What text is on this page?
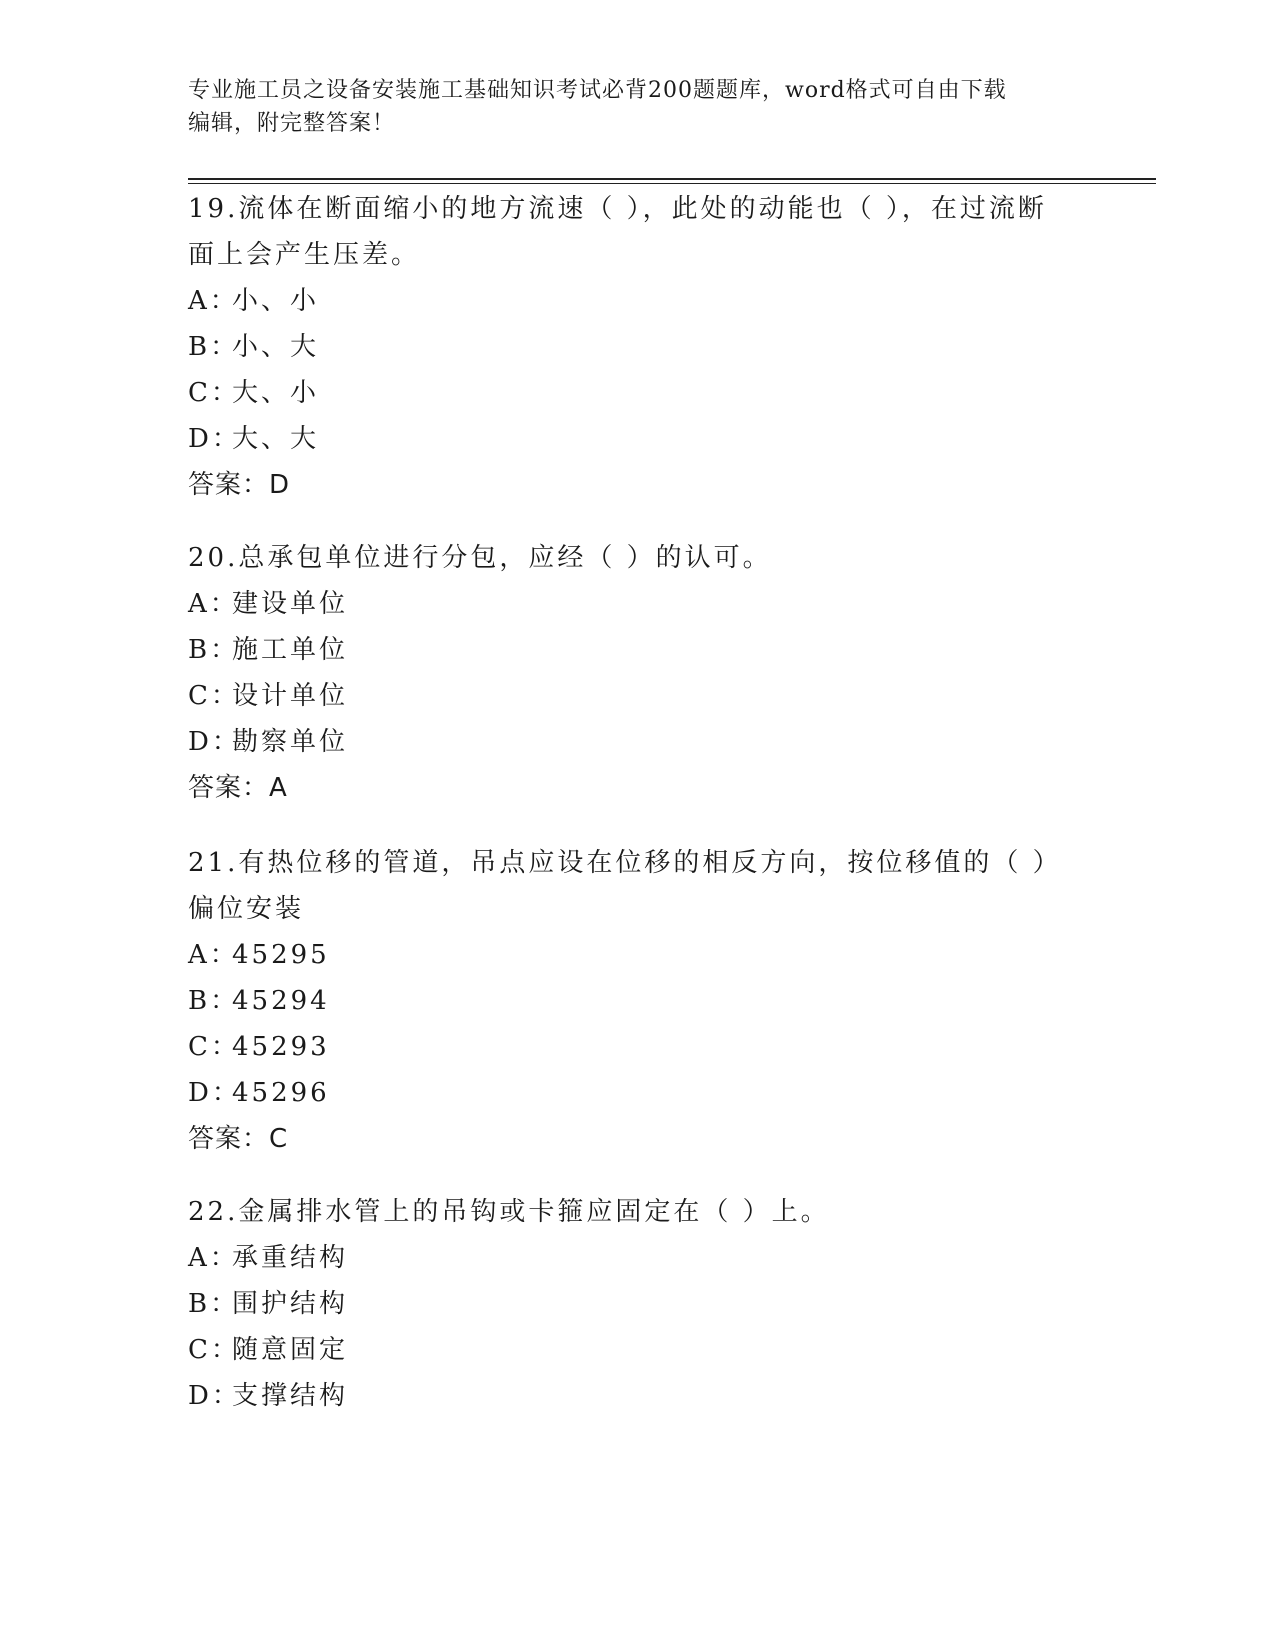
专业施工员之设备安装施工基础知识考试必背200题题库，word格式可自由下载
编辑，附完整答案！

19.流体在断面缩小的地方流速（ ），此处的动能也（ ），在过流断

面上会产生压差。

A：小、小

B：小、大

C：大、小

D：大、大

答案：D

20.总承包单位进行分包，应经（ ）的认可。

A：建设单位

B：施工单位

C：设计单位

D：勘察单位

答案：A

21.有热位移的管道，吊点应设在位移的相反方向，按位移值的（ ）

偏位安装

A：45295

B：45294

C：45293

D：45296

答案：C

22.金属排水管上的吊钩或卡箍应固定在（ ）上。

A：承重结构

B：围护结构

C：随意固定

D：支撑结构
